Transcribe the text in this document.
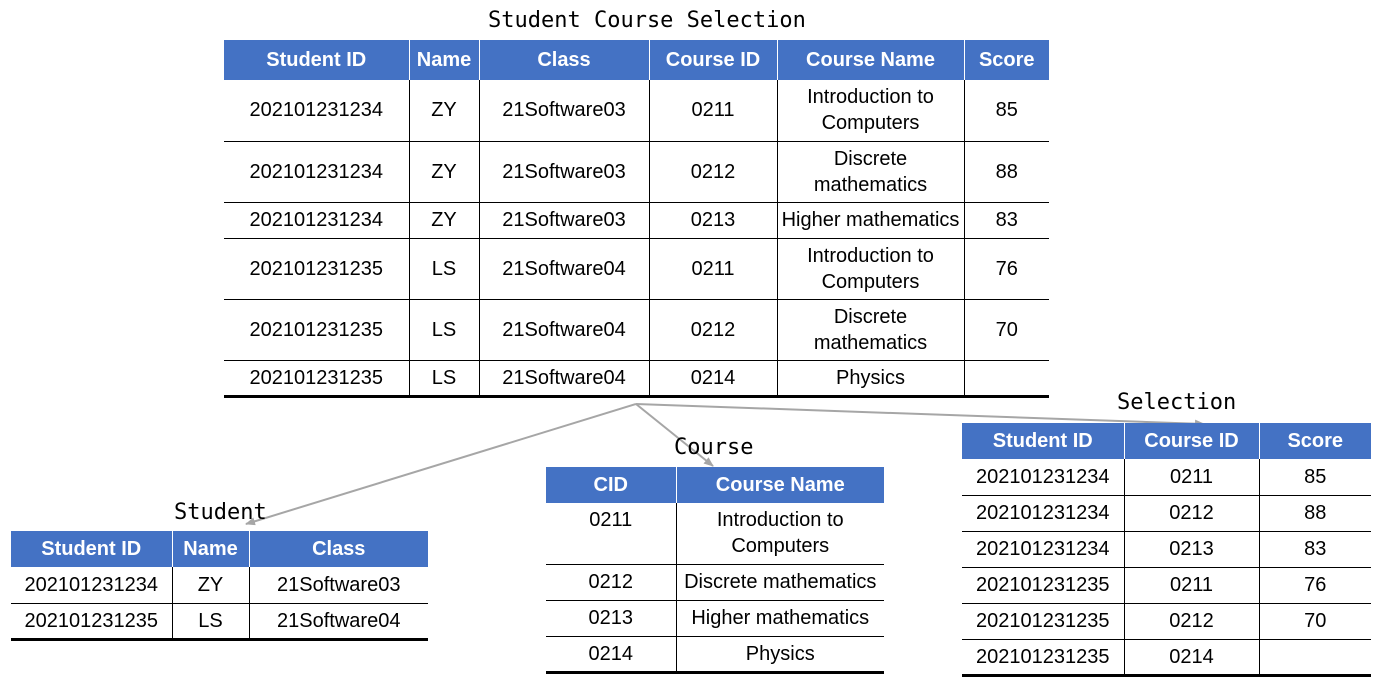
Student Course Selection
Student ID	Name	Class	Course ID	Course Name	Score
202101231234	ZY	21Software03	0211	Introduction to Computers	85
202101231234	ZY	21Software03	0212	Discrete mathematics	88
202101231234	ZY	21Software03	0213	Higher mathematics	83
202101231235	LS	21Software04	0211	Introduction to Computers	76
202101231235	LS	21Software04	0212	Discrete mathematics	70
202101231235	LS	21Software04	0214	Physics	
Student
Student ID	Name	Class
202101231234	ZY	21Software03
202101231235	LS	21Software04
Course
CID	Course Name
0211	Introduction to Computers
0212	Discrete mathematics
0213	Higher mathematics
0214	Physics
Selection
Student ID	Course ID	Score
202101231234	0211	85
202101231234	0212	88
202101231234	0213	83
202101231235	0211	76
202101231235	0212	70
202101231235	0214	
